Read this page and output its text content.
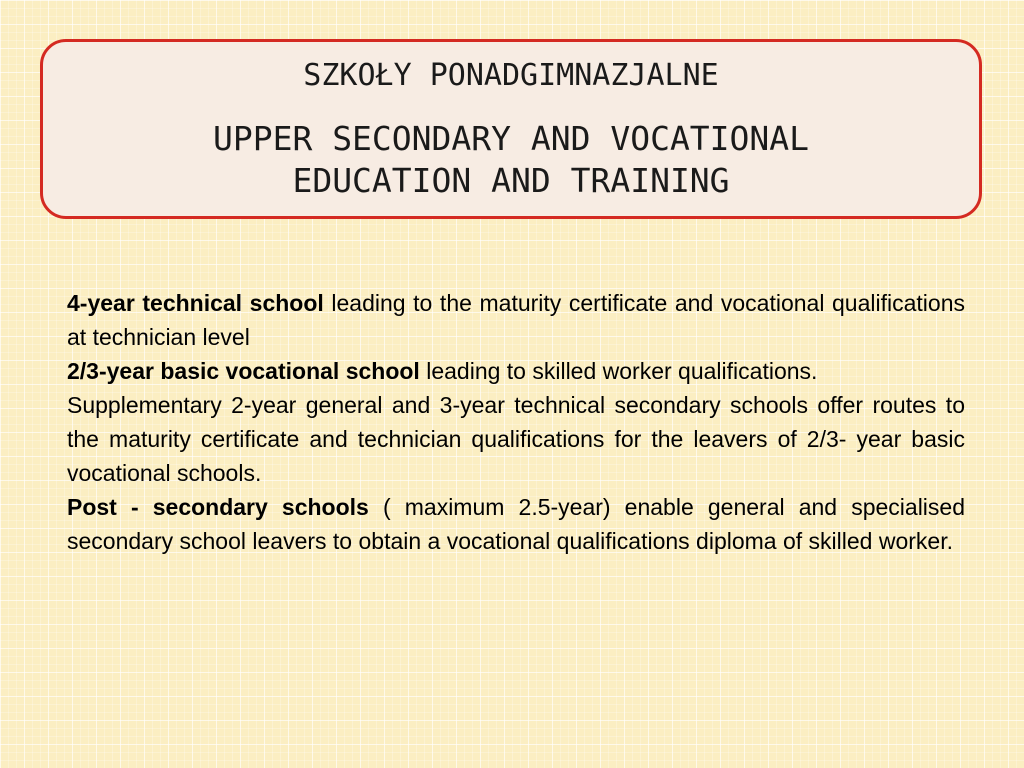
SZKOŁY PONADGIMNAZJALNE
UPPER SECONDARY AND VOCATIONAL
EDUCATION AND TRAINING

4-year technical school leading to the maturity certificate and vocational qualifications at technician level

2/3-year basic vocational school leading to skilled worker qualifications.

Supplementary 2-year general and 3-year technical secondary schools offer routes to the maturity certificate and technician qualifications for the leavers of 2/3- year basic vocational schools.

Post - secondary schools ( maximum 2.5-year) enable general and specialised secondary school leavers to obtain a vocational qualifications diploma of skilled worker.
